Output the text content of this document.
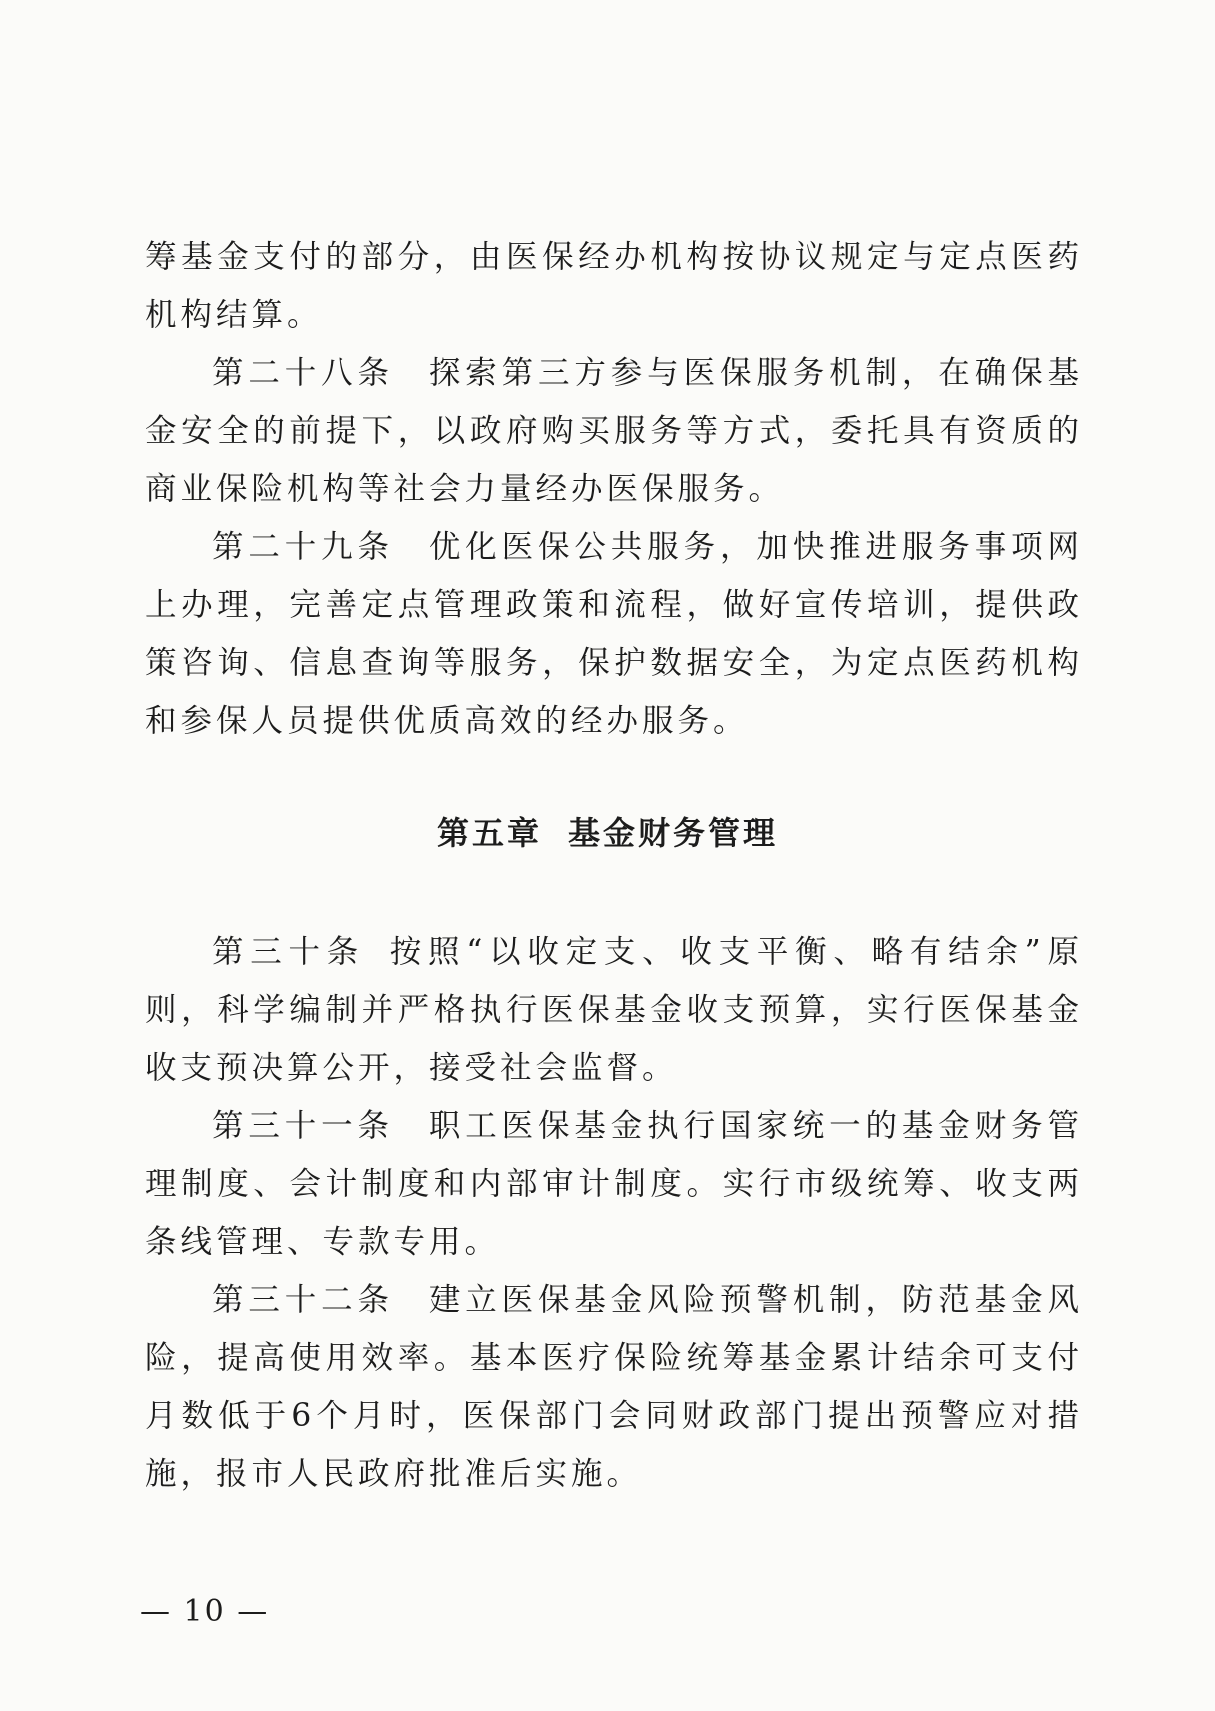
筹基金支付的部分，由医保经办机构按协议规定与定点医药机构结算。

第二十八条 探索第三方参与医保服务机制，在确保基金安全的前提下，以政府购买服务等方式，委托具有资质的商业保险机构等社会力量经办医保服务。

第二十九条 优化医保公共服务，加快推进服务事项网上办理，完善定点管理政策和流程，做好宣传培训，提供政策咨询、信息查询等服务，保护数据安全，为定点医药机构和参保人员提供优质高效的经办服务。

第五章 基金财务管理

第三十条 按照“以收定支、收支平衡、略有结余”原则，科学编制并严格执行医保基金收支预算，实行医保基金收支预决算公开，接受社会监督。

第三十一条 职工医保基金执行国家统一的基金财务管理制度、会计制度和内部审计制度。实行市级统筹、收支两条线管理、专款专用。

第三十二条 建立医保基金风险预警机制，防范基金风险，提高使用效率。基本医疗保险统筹基金累计结余可支付月数低于6个月时，医保部门会同财政部门提出预警应对措施，报市人民政府批准后实施。

— 10 —
